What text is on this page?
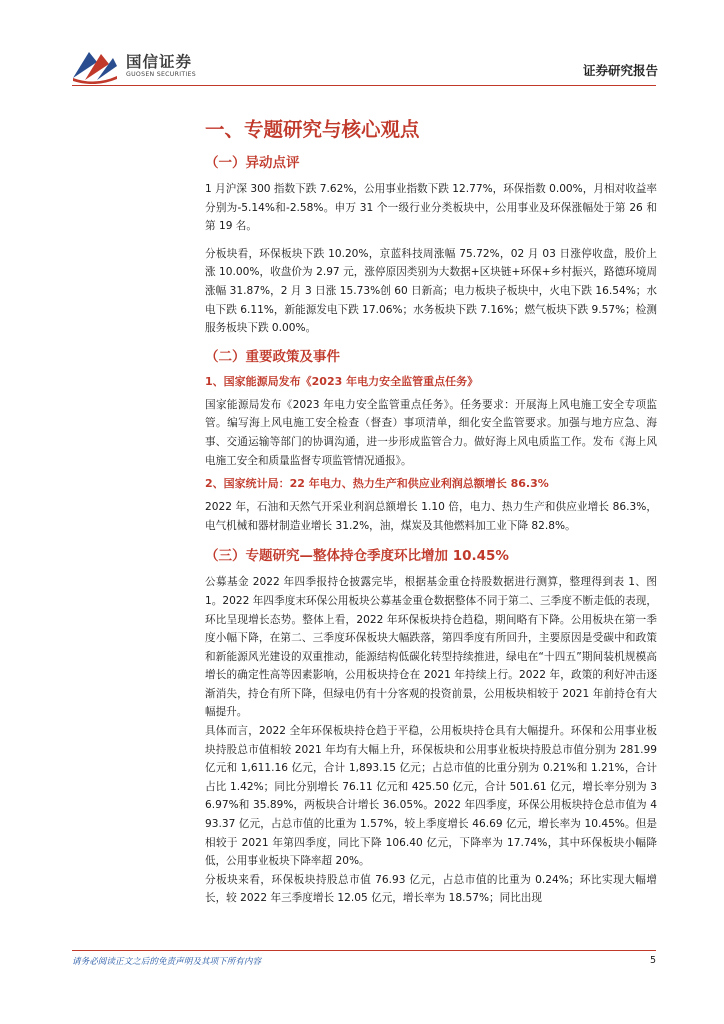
国信证券
GUOSEN SECURITIES	证券研究报告
一、专题研究与核心观点
（一）异动点评

1 月沪深 300 指数下跌 7.62%，公用事业指数下跌 12.77%，环保指数 0.00%，月相对收益率分别为-5.14%和-2.58%。申万 31 个一级行业分类板块中，公用事业及环保涨幅处于第 26 和第 19 名。

分板块看，环保板块下跌 10.20%，京蓝科技周涨幅 75.72%，02 月 03 日涨停收盘，股价上涨 10.00%，收盘价为 2.97 元，涨停原因类别为大数据+区块链+环保+乡村振兴，路德环境周涨幅 31.87%，2 月 3 日涨 15.73%创 60 日新高；电力板块子板块中，火电下跌 16.54%；水电下跌 6.11%，新能源发电下跌 17.06%；水务板块下跌 7.16%；燃气板块下跌 9.57%；检测服务板块下跌 0.00%。

（二）重要政策及事件
1、国家能源局发布《2023 年电力安全监管重点任务》

国家能源局发布《2023 年电力安全监管重点任务》。任务要求：开展海上风电施工安全专项监管。编写海上风电施工安全检查（督查）事项清单，细化安全监管要求。加强与地方应急、海事、交通运输等部门的协调沟通，进一步形成监管合力。做好海上风电质监工作。发布《海上风电施工安全和质量监督专项监管情况通报》。

2、国家统计局：22 年电力、热力生产和供应业利润总额增长 86.3%

2022 年，石油和天然气开采业利润总额增长 1.10 倍，电力、热力生产和供应业增长 86.3%，电气机械和器材制造业增长 31.2%，油，煤炭及其他燃料加工业下降 82.8%。

（三）专题研究—整体持仓季度环比增加 10.45%

公募基金 2022 年四季报持仓披露完毕，根据基金重仓持股数据进行测算，整理得到表 1、图 1。2022 年四季度末环保公用板块公募基金重仓数据整体不同于第二、三季度不断走低的表现，环比呈现增长态势。整体上看，2022 年环保板块持仓趋稳，期间略有下降。公用板块在第一季度小幅下降，在第二、三季度环保板块大幅跌落，第四季度有所回升，主要原因是受碳中和政策和新能源风光建设的双重推动，能源结构低碳化转型持续推进，绿电在“十四五”期间装机规模高增长的确定性高等因素影响，公用板块持仓在 2021 年持续上行。2022 年，政策的利好冲击逐渐消失，持仓有所下降，但绿电仍有十分客观的投资前景，公用板块相较于 2021 年前持仓有大幅提升。

具体而言，2022 全年环保板块持仓趋于平稳，公用板块持仓具有大幅提升。环保和公用事业板块持股总市值相较 2021 年均有大幅上升，环保板块和公用事业板块持股总市值分别为 281.99 亿元和 1,611.16 亿元，合计 1,893.15 亿元；占总市值的比重分别为 0.21%和 1.21%，合计占比 1.42%；同比分别增长 76.11 亿元和 425.50 亿元，合计 501.61 亿元，增长率分别为 36.97%和 35.89%，两板块合计增长 36.05%。2022 年四季度，环保公用板块持仓总市值为 493.37 亿元，占总市值的比重为 1.57%，较上季度增长 46.69 亿元，增长率为 10.45%。但是相较于 2021 年第四季度，同比下降 106.40 亿元，下降率为 17.74%，其中环保板块小幅降低，公用事业板块下降率超 20%。

分板块来看，环保板块持股总市值 76.93 亿元，占总市值的比重为 0.24%；环比实现大幅增长，较 2022 年三季度增长 12.05 亿元，增长率为 18.57%；同比出现

请务必阅读正文之后的免责声明及其项下所有内容	5
